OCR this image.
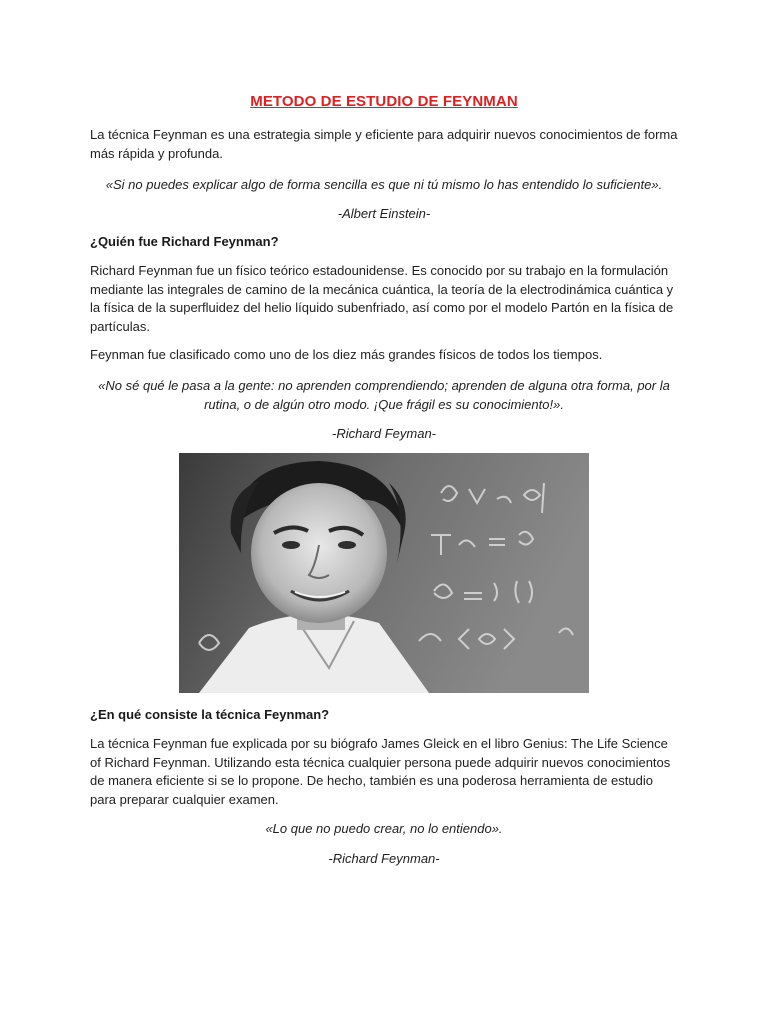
METODO DE ESTUDIO DE FEYNMAN
La técnica Feynman es una estrategia simple y eficiente para adquirir nuevos conocimientos de forma más rápida y profunda.
«Si no puedes explicar algo de forma sencilla es que ni tú mismo lo has entendido lo suficiente».
-Albert Einstein-
¿Quién fue Richard Feynman?
Richard Feynman fue un físico teórico estadounidense. Es conocido por su trabajo en la formulación mediante las integrales de camino de la mecánica cuántica, la teoría de la electrodinámica cuántica y la física de la superfluidez del helio líquido subenfriado, así como por el modelo Partón en la física de partículas.
Feynman fue clasificado como uno de los diez más grandes físicos de todos los tiempos.
«No sé qué le pasa a la gente: no aprenden comprendiendo; aprenden de alguna otra forma, por la rutina, o de algún otro modo. ¡Que frágil es su conocimiento!».
-Richard Feyman-
¿En qué consiste la técnica Feynman?
La técnica Feynman fue explicada por su biógrafo James Gleick en el libro Genius: The Life Science of Richard Feynman. Utilizando esta técnica cualquier persona puede adquirir nuevos conocimientos de manera eficiente si se lo propone. De hecho, también es una poderosa herramienta de estudio para preparar cualquier examen.
«Lo que no puedo crear, no lo entiendo».
-Richard Feynman-
